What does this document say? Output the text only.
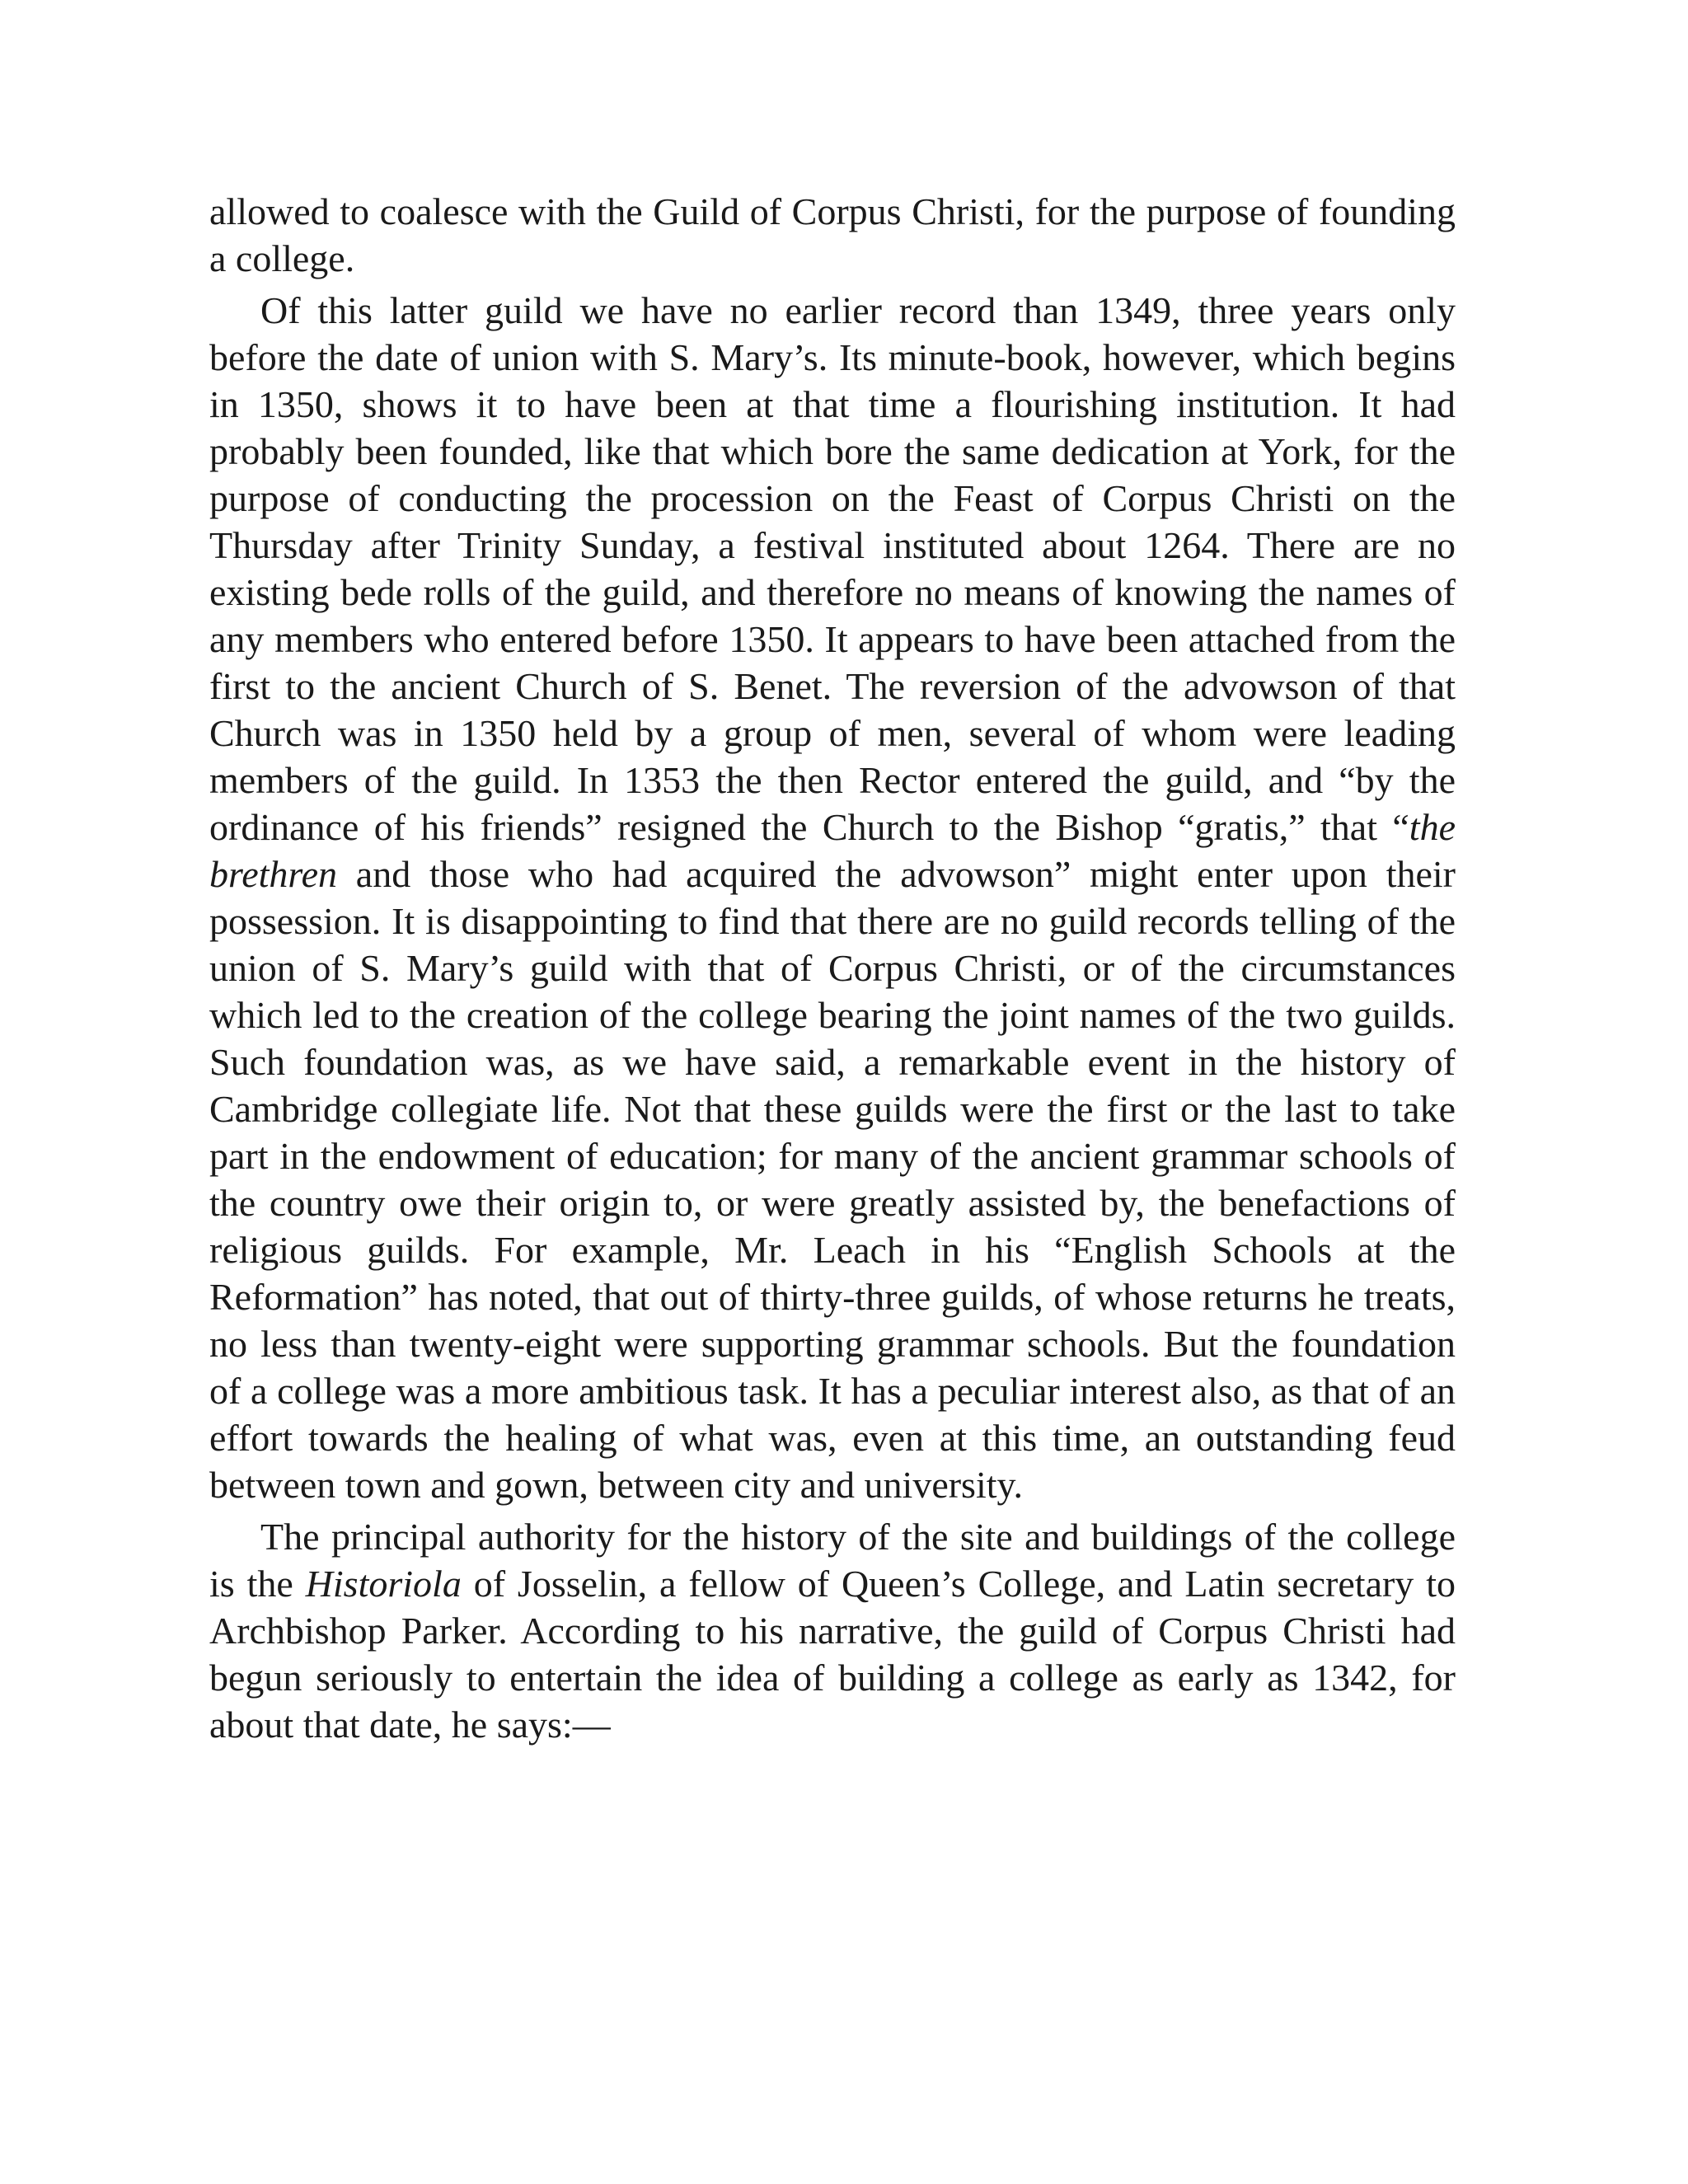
allowed to coalesce with the Guild of Corpus Christi, for the purpose of founding a college.

Of this latter guild we have no earlier record than 1349, three years only before the date of union with S. Mary’s. Its minute-book, however, which begins in 1350, shows it to have been at that time a flourishing institution. It had probably been founded, like that which bore the same dedication at York, for the purpose of conducting the procession on the Feast of Corpus Christi on the Thursday after Trinity Sunday, a festival instituted about 1264. There are no existing bede rolls of the guild, and therefore no means of knowing the names of any members who entered before 1350. It appears to have been attached from the first to the ancient Church of S. Benet. The reversion of the advowson of that Church was in 1350 held by a group of men, several of whom were leading members of the guild. In 1353 the then Rector entered the guild, and “by the ordinance of his friends” resigned the Church to the Bishop “gratis,” that “the brethren and those who had acquired the advowson” might enter upon their possession. It is disappointing to find that there are no guild records telling of the union of S. Mary’s guild with that of Corpus Christi, or of the circumstances which led to the creation of the college bearing the joint names of the two guilds. Such foundation was, as we have said, a remarkable event in the history of Cambridge collegiate life. Not that these guilds were the first or the last to take part in the endowment of education; for many of the ancient grammar schools of the country owe their origin to, or were greatly assisted by, the benefactions of religious guilds. For example, Mr. Leach in his “English Schools at the Reformation” has noted, that out of thirty-three guilds, of whose returns he treats, no less than twenty-eight were supporting grammar schools. But the foundation of a college was a more ambitious task. It has a peculiar interest also, as that of an effort towards the healing of what was, even at this time, an outstanding feud between town and gown, between city and university.

The principal authority for the history of the site and buildings of the college is the Historiola of Josselin, a fellow of Queen’s College, and Latin secretary to Archbishop Parker. According to his narrative, the guild of Corpus Christi had begun seriously to entertain the idea of building a college as early as 1342, for about that date, he says:—
